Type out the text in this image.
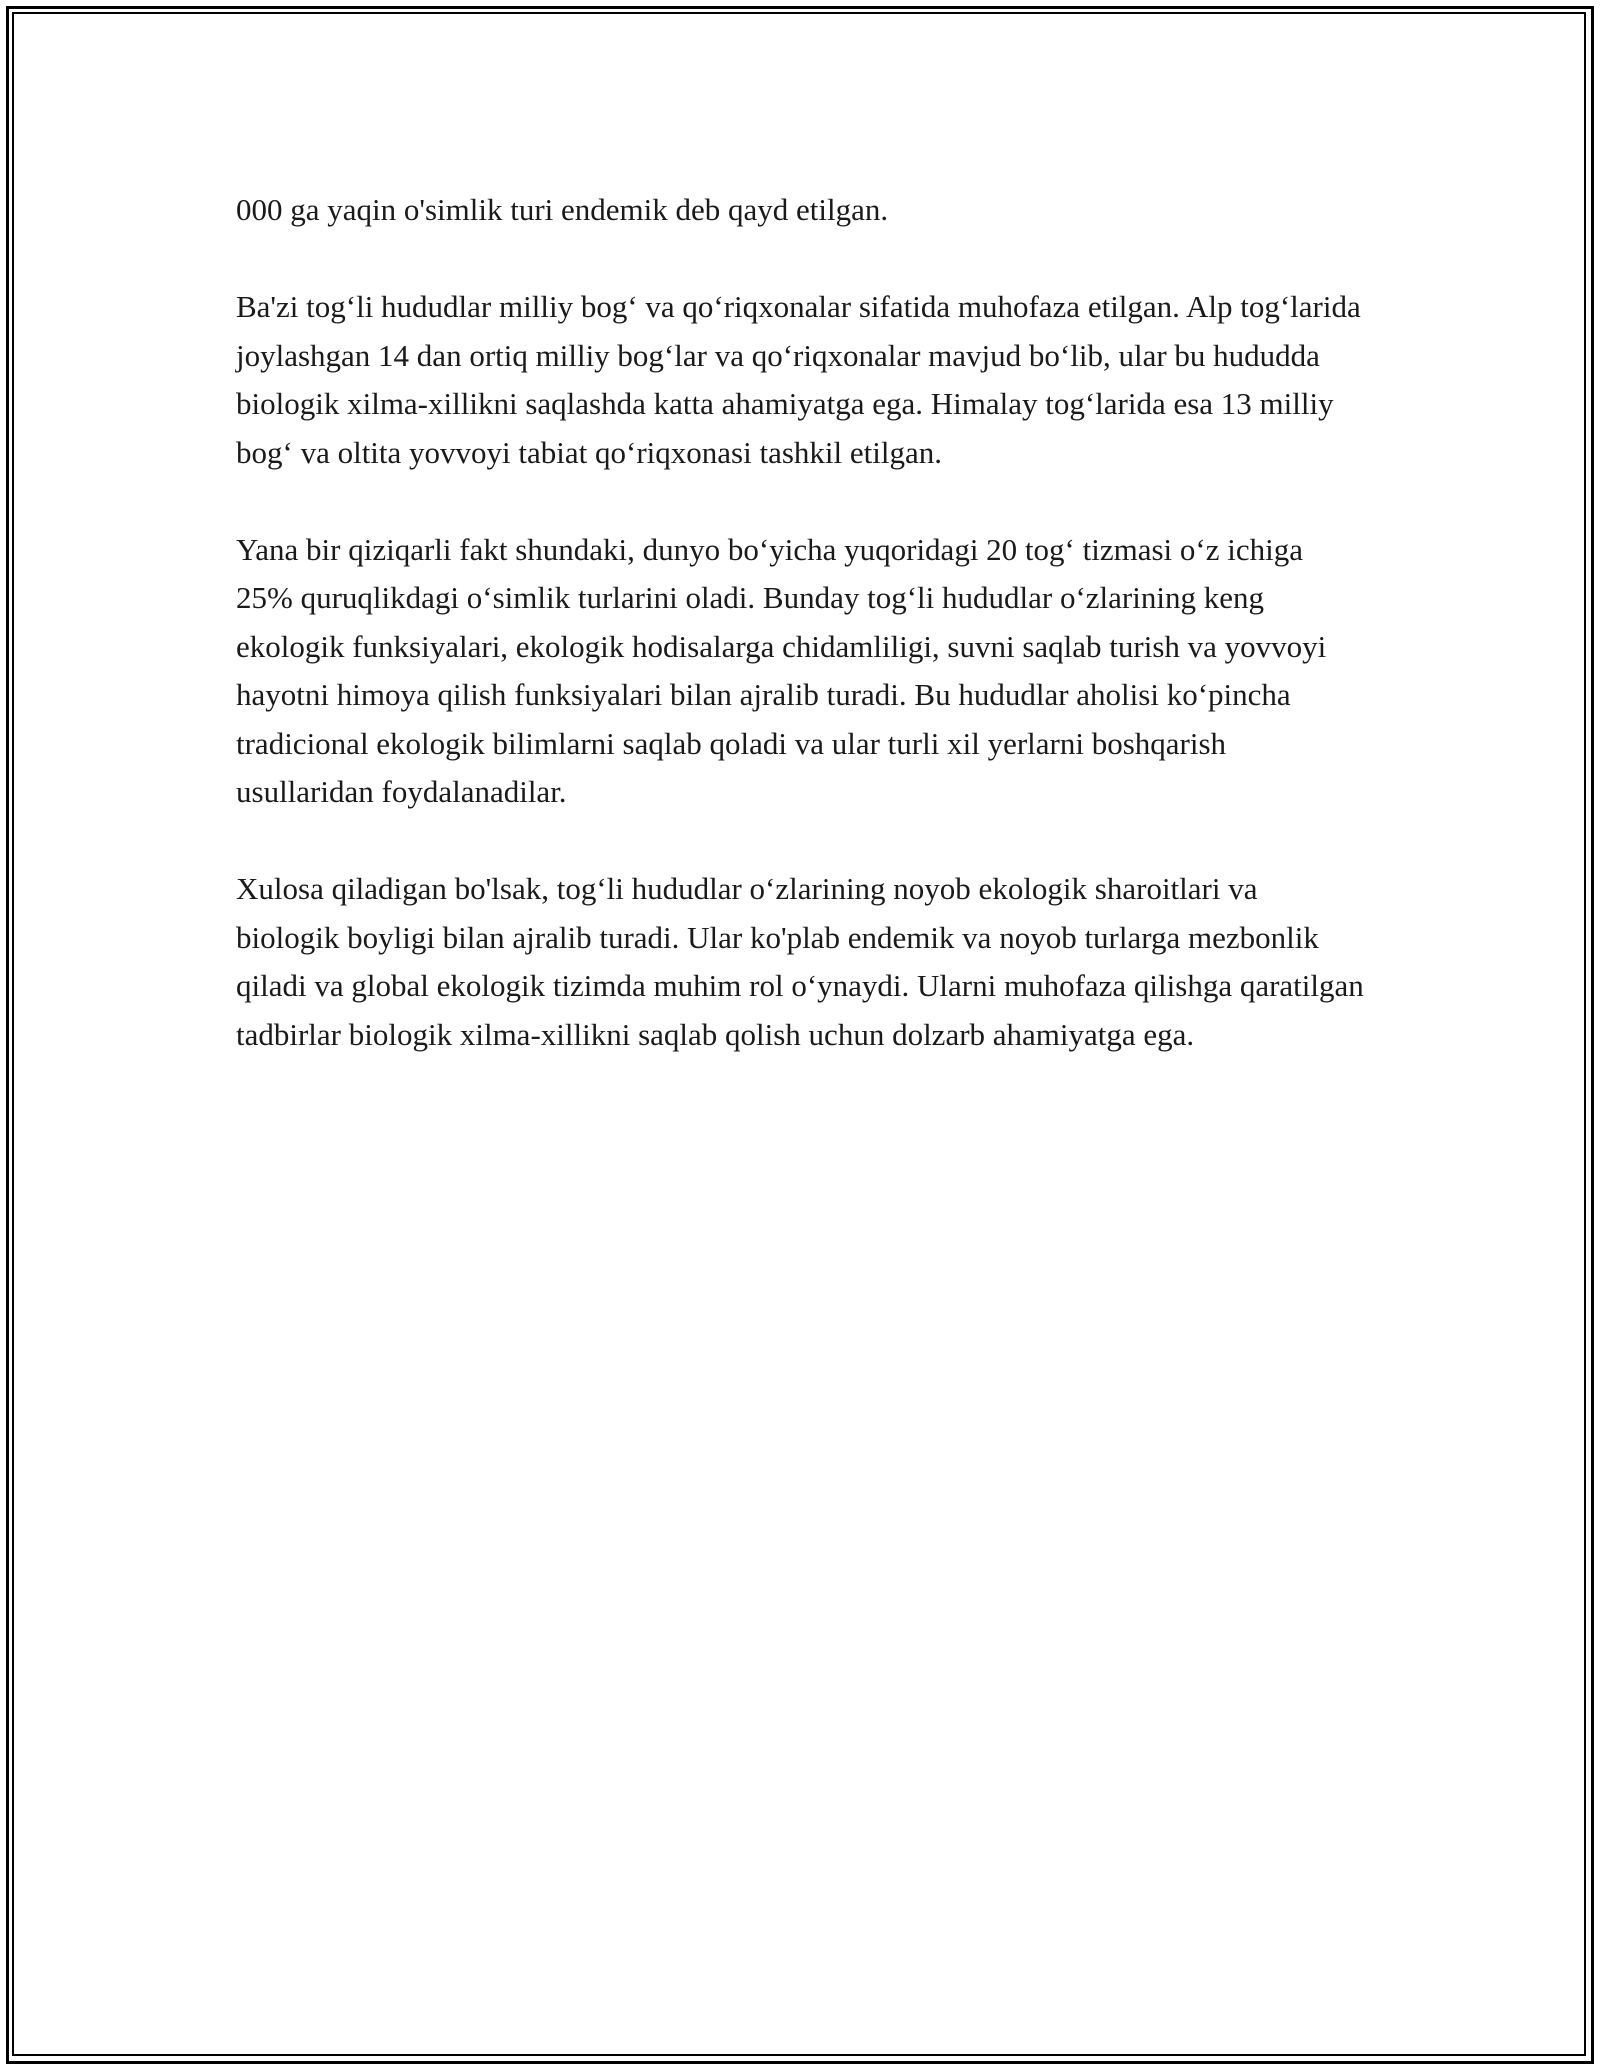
000 ga yaqin o'simlik turi endemik deb qayd etilgan.

Ba'zi tog‘li hududlar milliy bog‘ va qo‘riqxonalar sifatida muhofaza etilgan. Alp tog‘larida joylashgan 14 dan ortiq milliy bog‘lar va qo‘riqxonalar mavjud bo‘lib, ular bu hududda biologik xilma-xillikni saqlashda katta ahamiyatga ega. Himalay tog‘larida esa 13 milliy bog‘ va oltita yovvoyi tabiat qo‘riqxonasi tashkil etilgan.

Yana bir qiziqarli fakt shundaki, dunyo bo‘yicha yuqoridagi 20 tog‘ tizmasi o‘z ichiga 25% quruqlikdagi o‘simlik turlarini oladi. Bunday tog‘li hududlar o‘zlarining keng ekologik funksiyalari, ekologik hodisalarga chidamliligi, suvni saqlab turish va yovvoyi hayotni himoya qilish funksiyalari bilan ajralib turadi. Bu hududlar aholisi ko‘pincha tradicional ekologik bilimlarni saqlab qoladi va ular turli xil yerlarni boshqarish usullaridan foydalanadilar.

Xulosa qiladigan bo'lsak, tog‘li hududlar o‘zlarining noyob ekologik sharoitlari va biologik boyligi bilan ajralib turadi. Ular ko'plab endemik va noyob turlarga mezbonlik qiladi va global ekologik tizimda muhim rol o‘ynaydi. Ularni muhofaza qilishga qaratilgan tadbirlar biologik xilma-xillikni saqlab qolish uchun dolzarb ahamiyatga ega.
